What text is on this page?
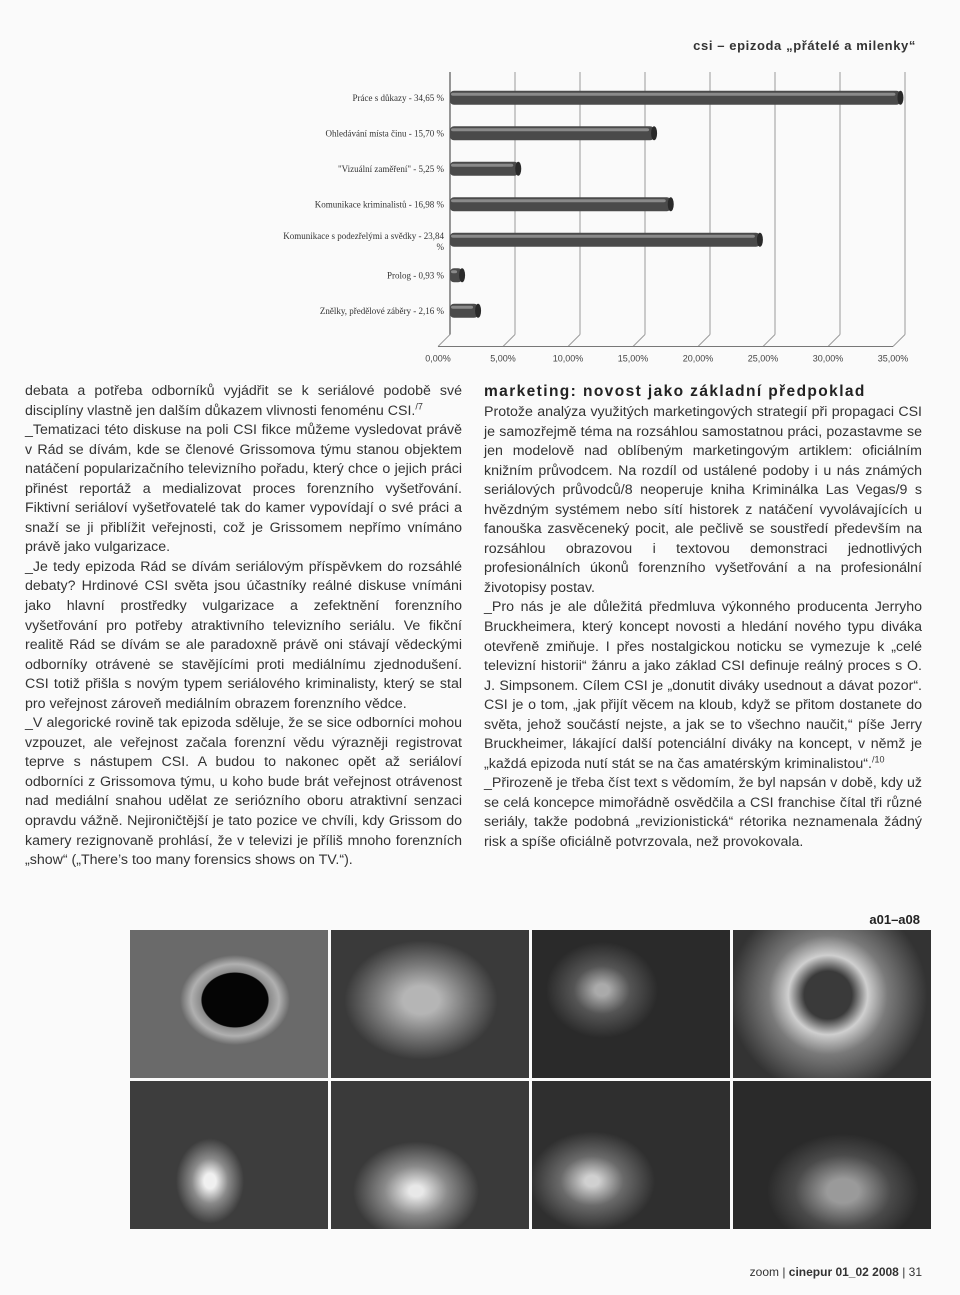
csi – epizoda „přátelé a milenky“
0,00%	5,00%	10,00%	15,00%	20,00%	25,00%	30,00%	35,00%
Práce s důkazy - 34,65 %
Ohledávání místa činu - 15,70 %
"Vizuální zaměření" - 5,25 %
Komunikace kriminalistů - 16,98 %
Komunikace s podezřelými a svědky - 23,84 %
Prolog - 0,93 %
Znělky, předělové záběry - 2,16 %

debata a potřeba odborníků vyjádřit se k seriálové podobě své disciplíny vlastně jen dalším důkazem vlivnosti fenoménu CSI.$^{/7}$

_Tematizaci této diskuse na poli CSI fikce můžeme vysledovat právě v Rád se dívám, kde se členové Grissomova týmu stanou objektem natáčení popularizačního televizního pořadu, který chce o jejich práci přinést reportáž a medializovat proces forenzního vyšetřování. Fiktivní seriáloví vyšetřovatelé tak do kamer vypovídají o své práci a snaží se ji přiblížit veřejnosti, což je Grissomem nepřímo vnímáno právě jako vulgarizace.

_Je tedy epizoda Rád se dívám seriálovým příspěvkem do rozsáhlé debaty? Hrdinové CSI světa jsou účastníky reálné diskuse vnímáni jako hlavní prostředky vulgarizace a zefektnění forenzního vyšetřování pro potřeby atraktivního televizního seriálu. Ve fikční realitě Rád se dívám se ale paradoxně právě oni stávají vědeckými odborníky otrávenė se stavějícími proti mediálnímu zjednodušení. CSI totiž přišla s novým typem seriálového kriminalisty, který se stal pro veřejnost zároveň mediálním obrazem forenzního vědce.

_V alegorické rovině tak epizoda sděluje, že se sice odborníci mohou vzpouzet, ale veřejnost začala forenzní vědu výrazněji registrovat teprve s nástupem CSI. A budou to nakonec opět až seriáloví odborníci z Grissomova týmu, u koho bude brát veřejnost otrávenost nad mediální snahou udělat ze seriózního oboru atraktivní senzaci opravdu vážně. Nejironičtější je tato pozice ve chvíli, kdy Grissom do kamery rezignovaně prohlásí, že v televizi je příliš mnoho forenzních „show“ („There’s too many forensics shows on TV.“).

marketing: novost jako základní předpoklad

Protože analýza využitých marketingových strategií při propagaci CSI je samozřejmě téma na rozsáhlou samostatnou práci, pozastavme se jen modelově nad oblíbeným marketingovým artiklem: oficiálním knižním průvodcem. Na rozdíl od ustálené podoby i u nás známých seriálových průvodců/8 neoperuje kniha Kriminálka Las Vegas/9 s hvězdným systémem nebo sítí historek z natáčení vyvolávajících u fanouška zasvěceneký pocit, ale pečlivě se soustředí především na rozsáhlou obrazovou i textovou demonstraci jednotlivých profesionálních úkonů forenzního vyšetřování a na profesionální životopisy postav.

_Pro nás je ale důležitá předmluva výkonného producenta Jerryho Bruckheimera, který koncept novosti a hledání nového typu diváka otevřeně zmiňuje. I přes nostalgickou noticku se vymezuje k „celé televizní historii“ žánru a jako základ CSI definuje reálný proces s O. J. Simpsonem. Cílem CSI je „donutit diváky usednout a dávat pozor“. CSI je o tom, „jak přijít věcem na kloub, když se přitom dostanete do světa, jehož součástí nejste, a jak se to všechno naučit,“ píše Jerry Bruckheimer, lákající další potenciální diváky na koncept, v němž je „každá epizoda nutí stát se na čas amatérským kriminalistou“.$^{/10}$

_Přirozeně je třeba číst text s vědomím, že byl napsán v době, kdy už se celá koncepce mimořádně osvědčila a CSI franchise čítal tři různé seriály, takže podobná „revizionistická“ rétorika neznamenala žádný risk a spíše oficiálně potvrzovala, než provokovala.

a01–a08
zoom | cinepur 01_02 2008 | 31
